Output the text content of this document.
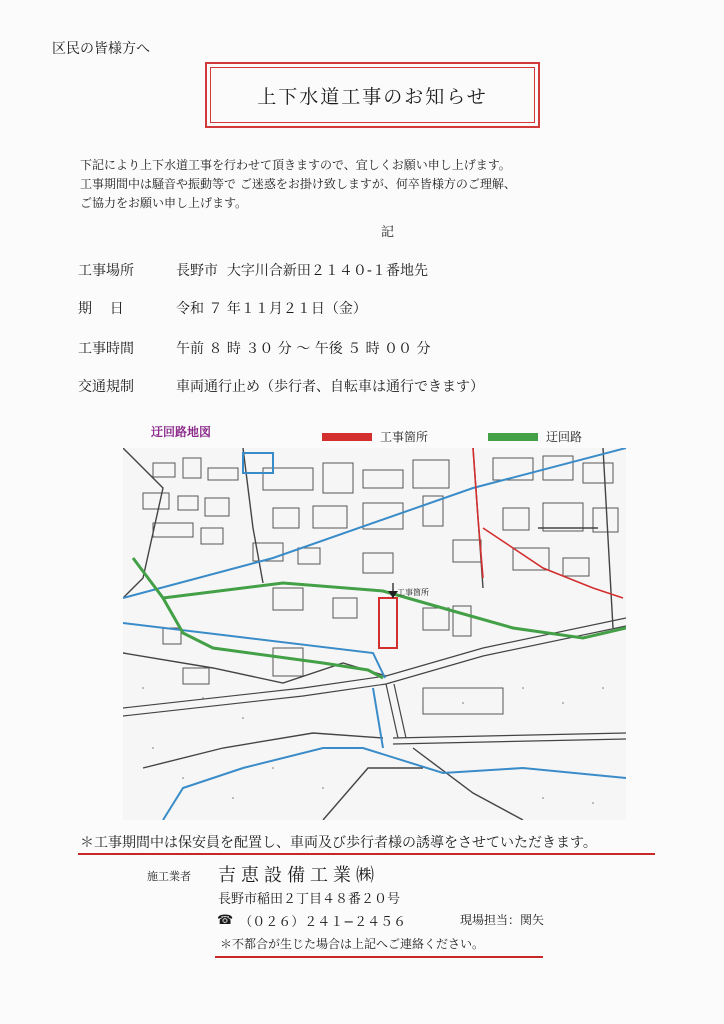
区民の皆様方へ
上下水道工事のお知らせ
下記により上下水道工事を行わせて頂きますので、宜しくお願い申し上げます。
工事期間中は騒音や振動等で ご迷惑をお掛け致しますが、何卒皆様方のご理解、
ご協力をお願い申し上げます。
記
工事場所	長野市  大字川合新田２１４０-１番地先
期    日	令和 ７ 年１１月２１日（金）
工事時間	午前 ８ 時 ３０ 分 ～ 午後 ５ 時 ００ 分
交通規制	車両通行止め（歩行者、自転車は通行できます）
迂回路地図	工事箇所	迂回路
工事箇所
＊工事期間中は保安員を配置し、車両及び歩行者様の誘導をさせていただきます。
施工業者 吉恵設備工業㈱
長野市稲田２丁目４８番２０号
☎ （０２６）２４１−２４５６	現場担当：関矢
＊不都合が生じた場合は上記へご連絡ください。
